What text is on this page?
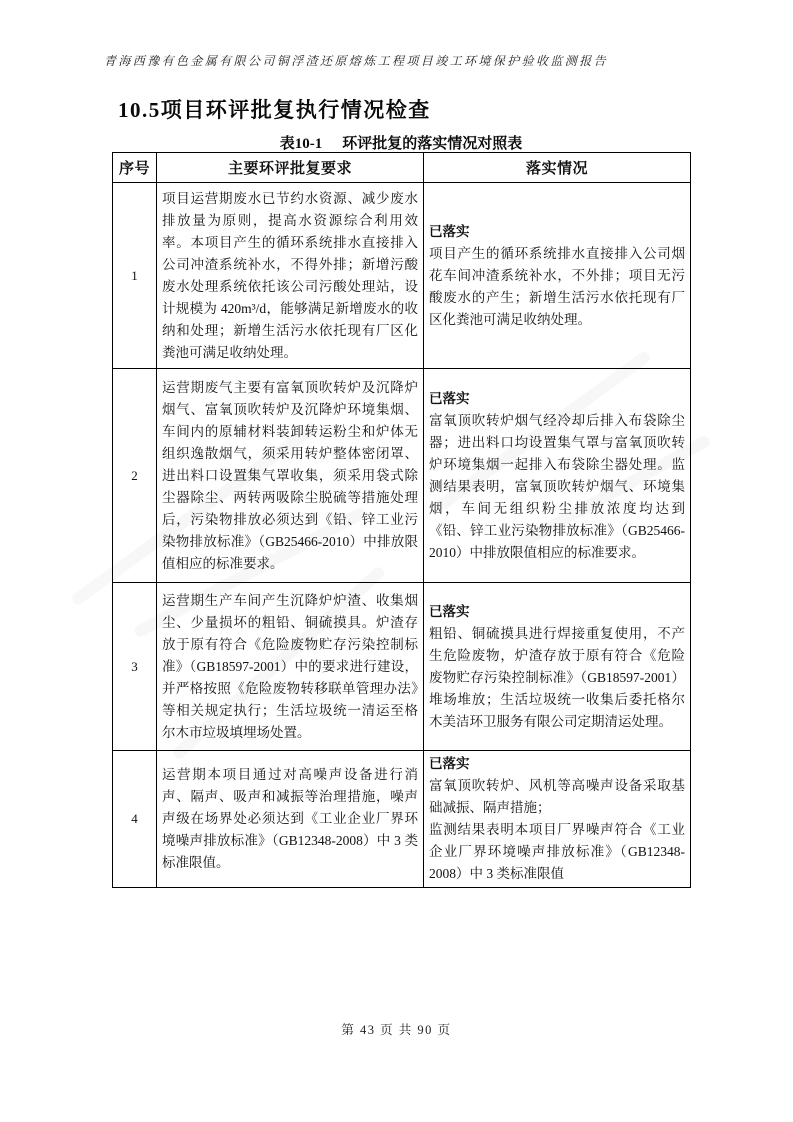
青海西豫有色金属有限公司铜浮渣还原熔炼工程项目竣工环境保护验收监测报告
10.5项目环评批复执行情况检查
表10-1 环评批复的落实情况对照表
序号	主要环评批复要求	落实情况
1	项目运营期废水已节约水资源、减少废水排放量为原则，提高水资源综合利用效率。本项目产生的循环系统排水直接排入公司冲渣系统补水，不得外排；新增污酸废水处理系统依托该公司污酸处理站，设计规模为 420m³/d，能够满足新增废水的收纳和处理；新增生活污水依托现有厂区化粪池可满足收纳处理。	已落实

项目产生的循环系统排水直接排入公司烟花车间冲渣系统补水，不外排；项目无污酸废水的产生；新增生活污水依托现有厂区化粪池可满足收纳处理。

2	运营期废气主要有富氧顶吹转炉及沉降炉烟气、富氧顶吹转炉及沉降炉环境集烟、车间内的原辅材料装卸转运粉尘和炉体无组织逸散烟气，须采用转炉整体密闭罩、进出料口设置集气罩收集，须采用袋式除尘器除尘、两转两吸除尘脱硫等措施处理后，污染物排放必须达到《铅、锌工业污染物排放标准》（GB25466-2010）中排放限值相应的标准要求。	已落实

富氧顶吹转炉烟气经冷却后排入布袋除尘器；进出料口均设置集气罩与富氧顶吹转炉环境集烟一起排入布袋除尘器处理。监测结果表明，富氧顶吹转炉烟气、环境集烟，车间无组织粉尘排放浓度均达到《铅、锌工业污染物排放标准》（GB25466-2010）中排放限值相应的标准要求。

3	运营期生产车间产生沉降炉炉渣、收集烟尘、少量损坏的粗铅、铜硫摸具。炉渣存放于原有符合《危险废物贮存污染控制标准》（GB18597-2001）中的要求进行建设，并严格按照《危险废物转移联单管理办法》等相关规定执行；生活垃圾统一清运至格尔木市垃圾填埋场处置。	已落实

粗铅、铜硫摸具进行焊接重复使用，不产生危险废物，炉渣存放于原有符合《危险废物贮存污染控制标准》（GB18597-2001）堆场堆放；生活垃圾统一收集后委托格尔木美洁环卫服务有限公司定期清运处理。

4	运营期本项目通过对高噪声设备进行消声、隔声、吸声和减振等治理措施，噪声声级在场界处必须达到《工业企业厂界环境噪声排放标准》（GB12348-2008）中 3 类标准限值。	已落实

富氧顶吹转炉、风机等高噪声设备采取基础减振、隔声措施；

监测结果表明本项目厂界噪声符合《工业企业厂界环境噪声排放标准》（GB12348-2008）中 3 类标准限值

第 43 页 共 90 页
